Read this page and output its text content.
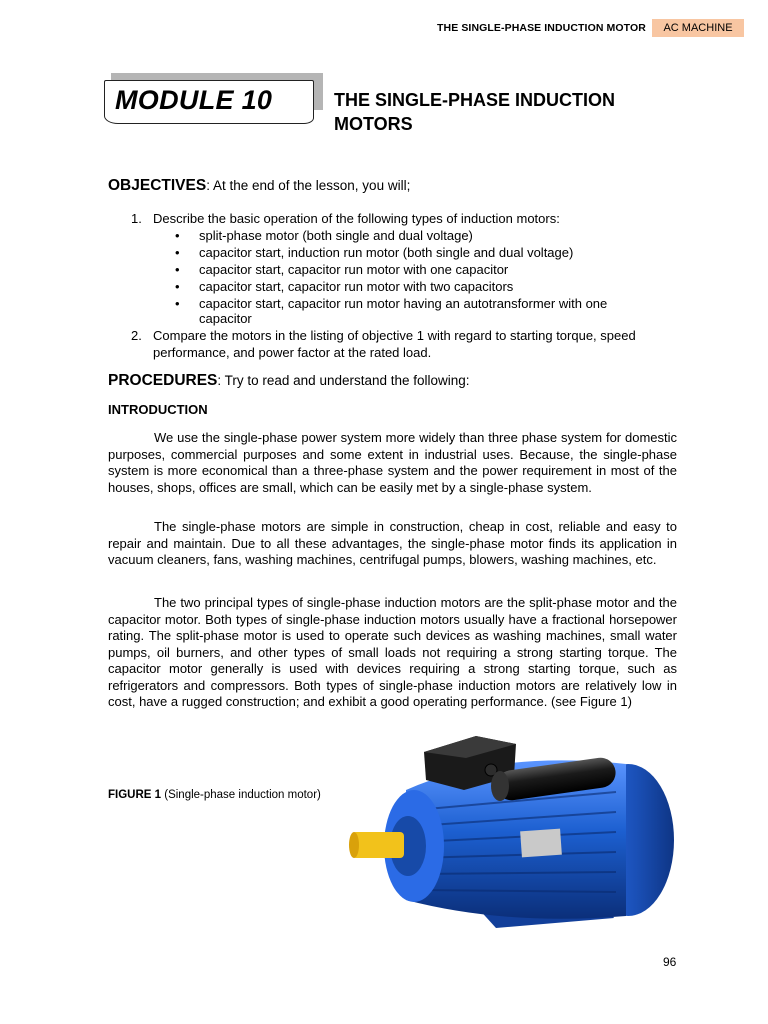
THE SINGLE-PHASE INDUCTION MOTOR	AC MACHINE
MODULE 10	THE SINGLE-PHASE INDUCTION
MOTORS
OBJECTIVES: At the end of the lesson, you will;
1. Describe the basic operation of the following types of induction motors:
• split-phase motor (both single and dual voltage)
• capacitor start, induction run motor (both single and dual voltage)
• capacitor start, capacitor run motor with one capacitor
• capacitor start, capacitor run motor with two capacitors
• capacitor start, capacitor run motor having an autotransformer with one
capacitor
2. Compare the motors in the listing of objective 1 with regard to starting torque, speed
performance, and power factor at the rated load.
PROCEDURES: Try to read and understand the following:
INTRODUCTION

We use the single-phase power system more widely than three phase system for domestic purposes, commercial purposes and some extent in industrial uses. Because, the single-phase system is more economical than a three-phase system and the power requirement in most of the houses, shops, offices are small, which can be easily met by a single-phase system.

The single-phase motors are simple in construction, cheap in cost, reliable and easy to repair and maintain. Due to all these advantages, the single-phase motor finds its application in vacuum cleaners, fans, washing machines, centrifugal pumps, blowers, washing machines, etc.

The two principal types of single-phase induction motors are the split-phase motor and the capacitor motor. Both types of single-phase induction motors usually have a fractional horsepower rating. The split-phase motor is used to operate such devices as washing machines, small water pumps, oil burners, and other types of small loads not requiring a strong starting torque. The capacitor motor generally is used with devices requiring a strong starting torque, such as refrigerators and compressors. Both types of single-phase induction motors are relatively low in cost, have a rugged construction; and exhibit a good operating performance. (see Figure 1)

FIGURE 1 (Single-phase induction motor)
96
